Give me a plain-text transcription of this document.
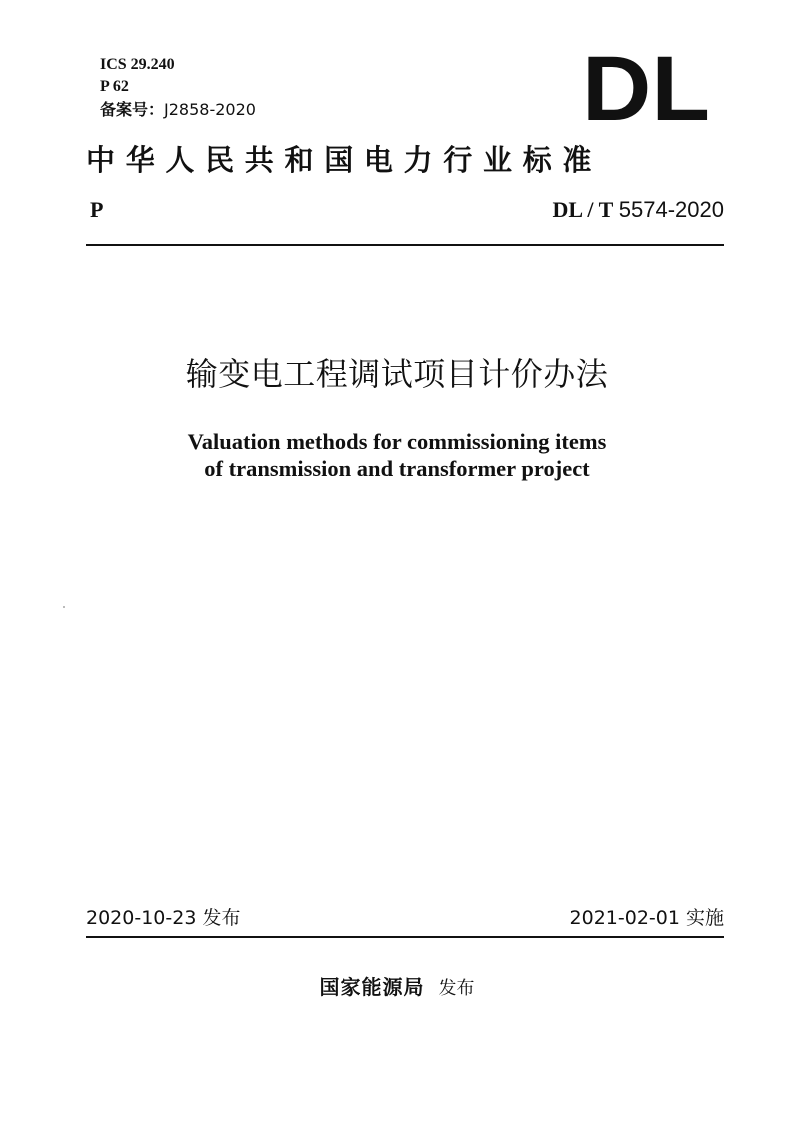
ICS 29.240
P 62
备案号：J2858-2020	DL
中华人民共和国电力行业标准
P	DL / T 5574-2020
输变电工程调试项目计价办法
Valuation methods for commissioning items
of transmission and transformer project
2020-10-23 发布	2021-02-01 实施
国家能源局 发布
